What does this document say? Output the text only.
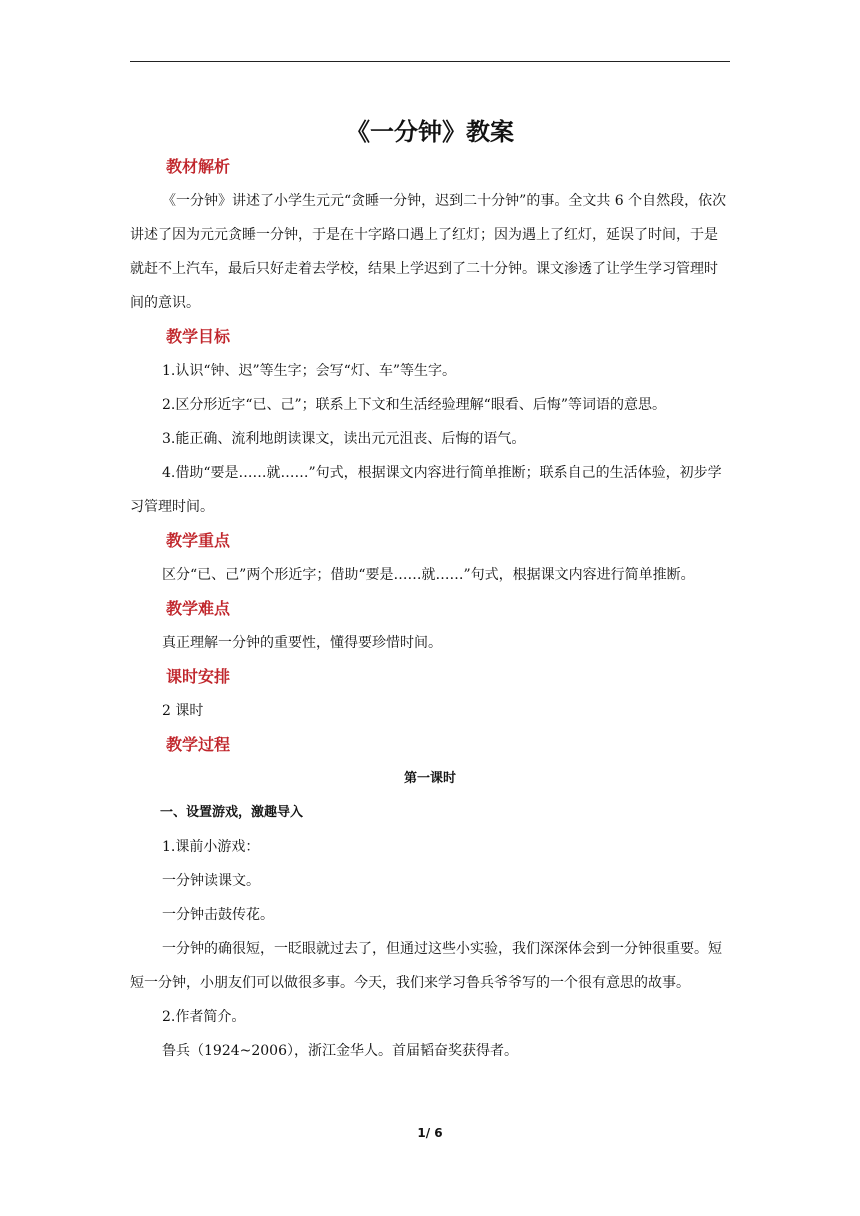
《一分钟》教案
教材解析

《一分钟》讲述了小学生元元“贪睡一分钟，迟到二十分钟”的事。全文共 6 个自然段，依次讲述了因为元元贪睡一分钟，于是在十字路口遇上了红灯；因为遇上了红灯，延误了时间，于是就赶不上汽车，最后只好走着去学校，结果上学迟到了二十分钟。课文渗透了让学生学习管理时间的意识。

教学目标

1.认识“钟、迟”等生字；会写“灯、车”等生字。

2.区分形近字“已、己”；联系上下文和生活经验理解“眼看、后悔”等词语的意思。

3.能正确、流利地朗读课文，读出元元沮丧、后悔的语气。

4.借助“要是……就……”句式，根据课文内容进行简单推断；联系自己的生活体验，初步学习管理时间。

教学重点

区分“已、己”两个形近字；借助“要是……就……”句式，根据课文内容进行简单推断。

教学难点

真正理解一分钟的重要性，懂得要珍惜时间。

课时安排

2 课时

教学过程
第一课时
一、设置游戏，激趣导入

1.课前小游戏：

一分钟读课文。

一分钟击鼓传花。

一分钟的确很短，一眨眼就过去了，但通过这些小实验，我们深深体会到一分钟很重要。短短一分钟，小朋友们可以做很多事。今天，我们来学习鲁兵爷爷写的一个很有意思的故事。

2.作者简介。

鲁兵（1924~2006），浙江金华人。首届韬奋奖获得者。

1/ 6
